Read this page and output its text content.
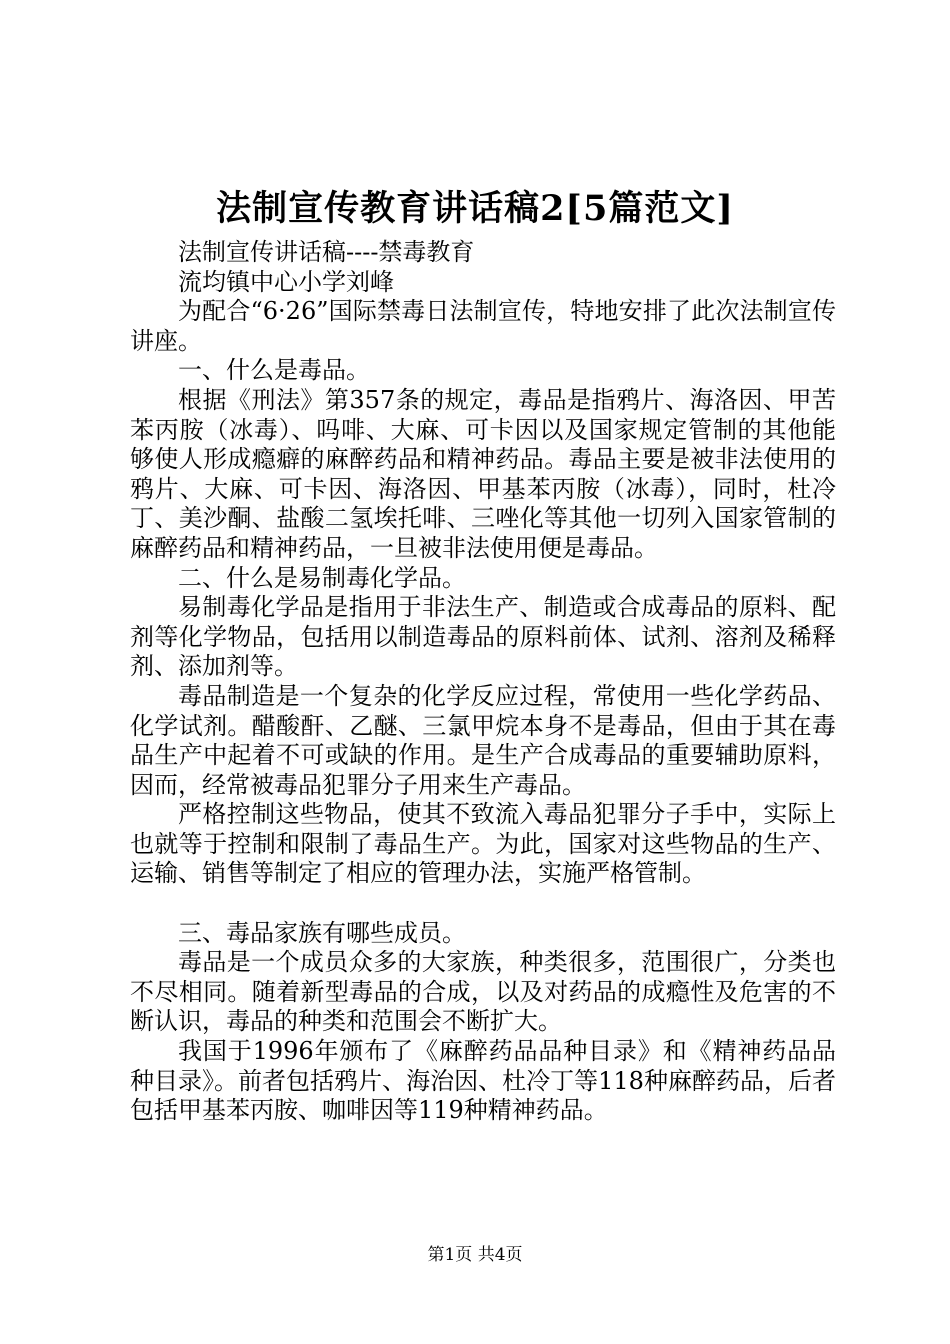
法制宣传教育讲话稿2[5篇范文]

法制宣传讲话稿----禁毒教育

流均镇中心小学刘峰

为配合“6·26”国际禁毒日法制宣传，特地安排了此次法制宣传讲座。

一、什么是毒品。

根据《刑法》第357条的规定，毒品是指鸦片、海洛因、甲苦苯丙胺（冰毒）、吗啡、大麻、可卡因以及国家规定管制的其他能够使人形成瘾癖的麻醉药品和精神药品。毒品主要是被非法使用的鸦片、大麻、可卡因、海洛因、甲基苯丙胺（冰毒），同时，杜冷丁、美沙酮、盐酸二氢埃托啡、三唑化等其他一切列入国家管制的麻醉药品和精神药品，一旦被非法使用便是毒品。

二、什么是易制毒化学品。

易制毒化学品是指用于非法生产、制造或合成毒品的原料、配剂等化学物品，包括用以制造毒品的原料前体、试剂、溶剂及稀释剂、添加剂等。

毒品制造是一个复杂的化学反应过程，常使用一些化学药品、化学试剂。醋酸酐、乙醚、三氯甲烷本身不是毒品，但由于其在毒品生产中起着不可或缺的作用。是生产合成毒品的重要辅助原料，因而，经常被毒品犯罪分子用来生产毒品。

严格控制这些物品，使其不致流入毒品犯罪分子手中，实际上也就等于控制和限制了毒品生产。为此，国家对这些物品的生产、运输、销售等制定了相应的管理办法，实施严格管制。

三、毒品家族有哪些成员。

毒品是一个成员众多的大家族，种类很多，范围很广，分类也不尽相同。随着新型毒品的合成，以及对药品的成瘾性及危害的不断认识，毒品的种类和范围会不断扩大。

我国于1996年颁布了《麻醉药品品种目录》和《精神药品品种目录》。前者包括鸦片、海治因、杜冷丁等118种麻醉药品，后者包括甲基苯丙胺、咖啡因等119种精神药品。

第1页 共4页
